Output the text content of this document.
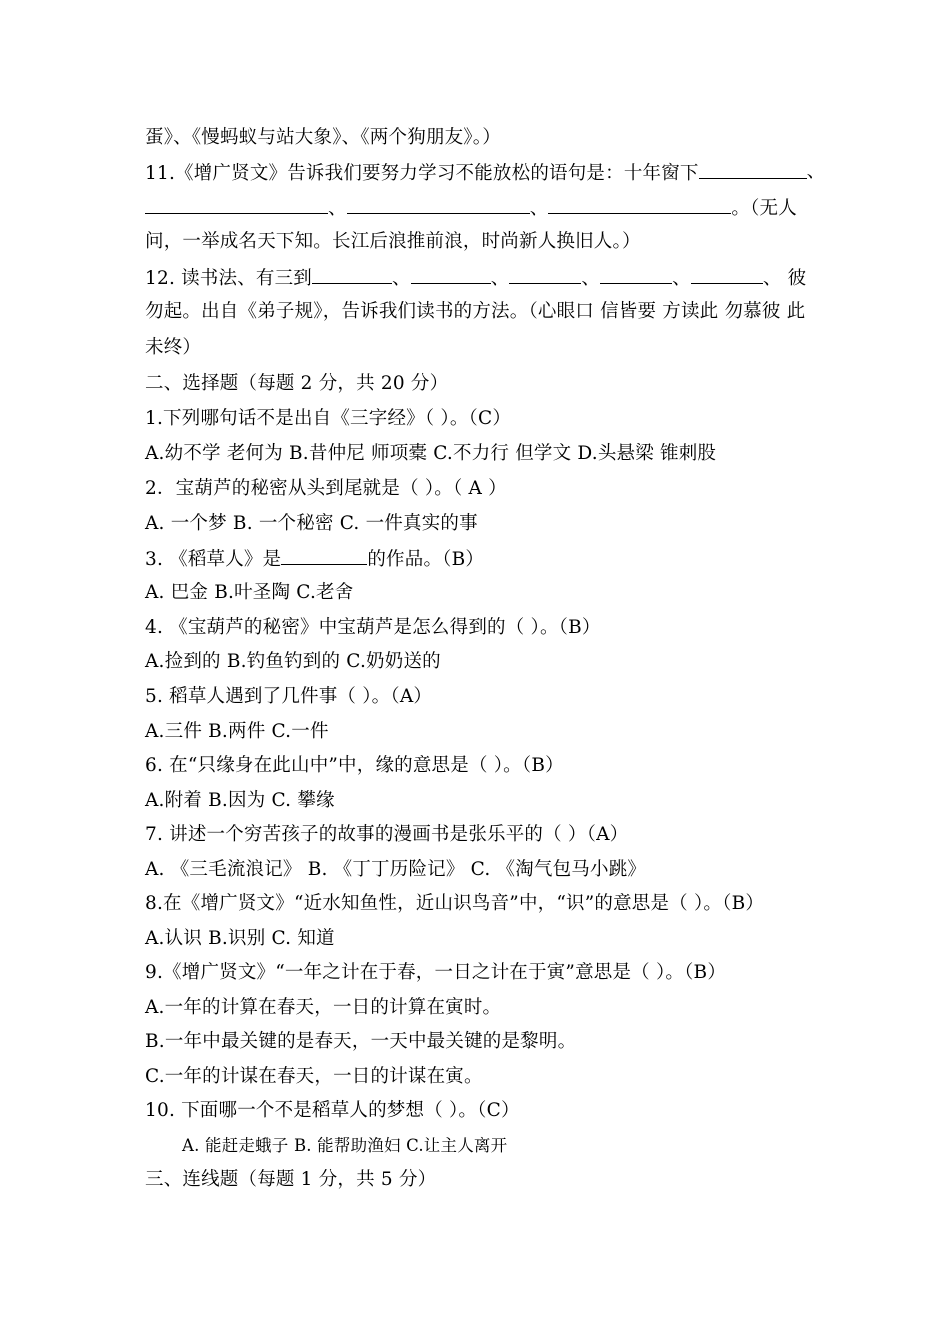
蛋》、《慢蚂蚁与站大象》、《两个狗朋友》。）
11.《增广贤文》告诉我们要努力学习不能放松的语句是：十年窗下	、
、	、	。（无人
问，一举成名天下知。长江后浪推前浪，时尚新人换旧人。）
12. 读书法、有三到	、	、	、	、	、 彼
勿起。出自《弟子规》，告诉我们读书的方法。（心眼口 信皆要 方读此 勿慕彼 此
未终）
二、选择题（每题 2 分，共 20 分）
1.下列哪句话不是出自《三字经》（ ）。（C）
A.幼不学 老何为 B.昔仲尼 师项橐 C.不力行 但学文 D.头悬梁 锥刺股
2．宝葫芦的秘密从头到尾就是（ ）。（ A ）
A. 一个梦 B. 一个秘密 C. 一件真实的事
3. 《稻草人》是	的作品。（B）
A. 巴金 B.叶圣陶 C.老舍
4. 《宝葫芦的秘密》中宝葫芦是怎么得到的（ ）。（B）
A.捡到的 B.钓鱼钓到的 C.奶奶送的
5. 稻草人遇到了几件事（ ）。（A）
A.三件 B.两件 C.一件
6. 在“只缘身在此山中”中，缘的意思是（ ）。（B）
A.附着 B.因为 C. 攀缘
7. 讲述一个穷苦孩子的故事的漫画书是张乐平的（ ）（A）
A. 《三毛流浪记》 B. 《丁丁历险记》 C. 《淘气包马小跳》
8.在《增广贤文》“近水知鱼性，近山识鸟音”中，“识”的意思是（ ）。（B）
A.认识 B.识别 C. 知道
9.《增广贤文》“一年之计在于春，一日之计在于寅”意思是（ ）。（B）
A.一年的计算在春天，一日的计算在寅时。
B.一年中最关键的是春天，一天中最关键的是黎明。
C.一年的计谋在春天，一日的计谋在寅。
10. 下面哪一个不是稻草人的梦想（ ）。（C）
A. 能赶走蛾子 B. 能帮助渔妇 C.让主人离开
三、连线题（每题 1 分，共 5 分）
